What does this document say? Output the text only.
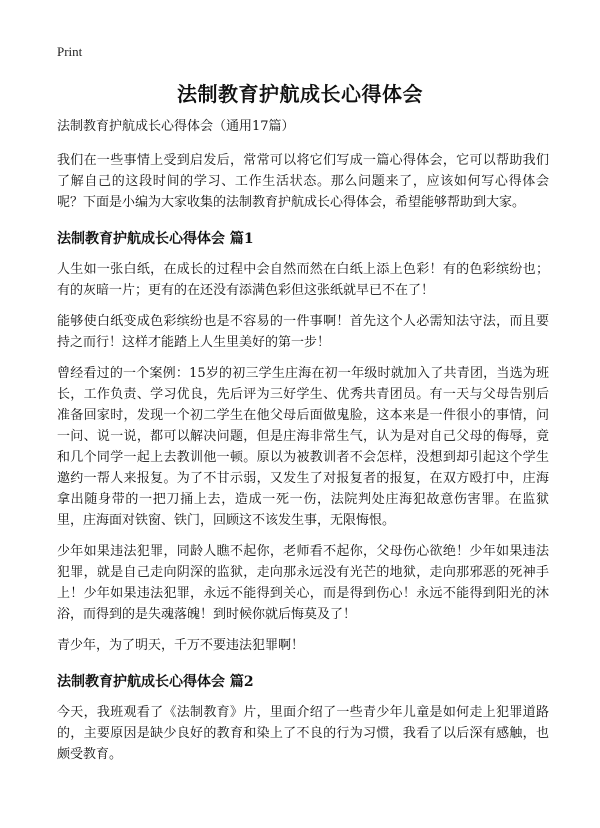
Print
法制教育护航成长心得体会
法制教育护航成长心得体会（通用17篇）

我们在一些事情上受到启发后，常常可以将它们写成一篇心得体会，它可以帮助我们了解自己的这段时间的学习、工作生活状态。那么问题来了，应该如何写心得体会呢？下面是小编为大家收集的法制教育护航成长心得体会，希望能够帮助到大家。

法制教育护航成长心得体会 篇1

人生如一张白纸，在成长的过程中会自然而然在白纸上添上色彩！有的色彩缤纷也；有的灰暗一片；更有的在还没有添满色彩但这张纸就早已不在了！

能够使白纸变成色彩缤纷也是不容易的一件事啊！首先这个人必需知法守法，而且要持之而行！这样才能踏上人生里美好的第一步！

曾经看过的一个案例：15岁的初三学生庄海在初一年级时就加入了共青团，当选为班长，工作负责、学习优良，先后评为三好学生、优秀共青团员。有一天与父母告别后准备回家时，发现一个初二学生在他父母后面做鬼脸，这本来是一件很小的事情，问一问、说一说，都可以解决问题，但是庄海非常生气，认为是对自己父母的侮辱，竟和几个同学一起上去教训他一顿。原以为被教训者不会怎样，没想到却引起这个学生邀约一帮人来报复。为了不甘示弱，又发生了对报复者的报复，在双方殴打中，庄海拿出随身带的一把刀捅上去，造成一死一伤，法院判处庄海犯故意伤害罪。在监狱里，庄海面对铁窗、铁门，回顾这不该发生事，无限悔恨。

少年如果违法犯罪，同龄人瞧不起你，老师看不起你，父母伤心欲绝！少年如果违法犯罪，就是自己走向阴深的监狱，走向那永远没有光芒的地狱，走向那邪恶的死神手上！少年如果违法犯罪，永远不能得到关心，而是得到伤心！永远不能得到阳光的沐浴，而得到的是失魂落魄！到时候你就后悔莫及了！

青少年，为了明天，千万不要违法犯罪啊！

法制教育护航成长心得体会 篇2

今天，我班观看了《法制教育》片，里面介绍了一些青少年儿童是如何走上犯罪道路的，主要原因是缺少良好的教育和染上了不良的行为习惯，我看了以后深有感触，也颇受教育。
